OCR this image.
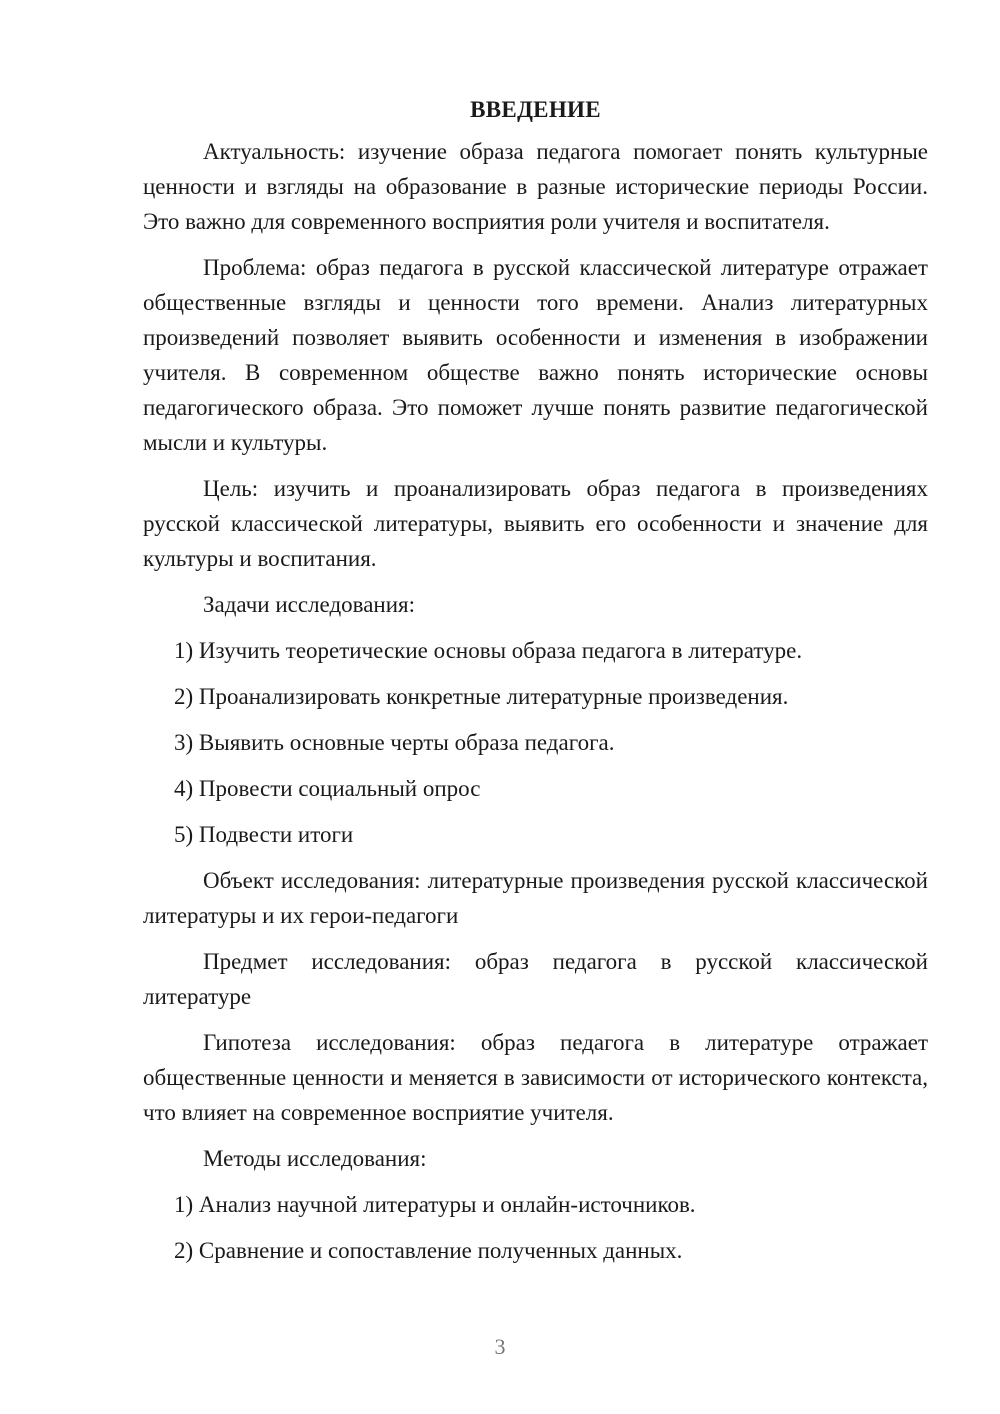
ВВЕДЕНИЕ

Актуальность: изучение образа педагога помогает понять культурные ценности и взгляды на образование в разные исторические периоды России. Это важно для современного восприятия роли учителя и воспитателя.

Проблема: образ педагога в русской классической литературе отражает общественные взгляды и ценности того времени. Анализ литературных произведений позволяет выявить особенности и изменения в изображении учителя. В современном обществе важно понять исторические основы педагогического образа. Это поможет лучше понять развитие педагогической мысли и культуры.

Цель: изучить и проанализировать образ педагога в произведениях русской классической литературы, выявить его особенности и значение для культуры и воспитания.

Задачи исследования:

1) Изучить теоретические основы образа педагога в литературе.
2) Проанализировать конкретные литературные произведения.
3) Выявить основные черты образа педагога.
4) Провести социальный опрос
5) Подвести итоги

Объект исследования: литературные произведения русской классической литературы и их герои-педагоги

Предмет исследования: образ педагога в русской классической литературе

Гипотеза исследования: образ педагога в литературе отражает общественные ценности и меняется в зависимости от исторического контекста, что влияет на современное восприятие учителя.

Методы исследования:

1) Анализ научной литературы и онлайн-источников.
2) Сравнение и сопоставление полученных данных.
3
